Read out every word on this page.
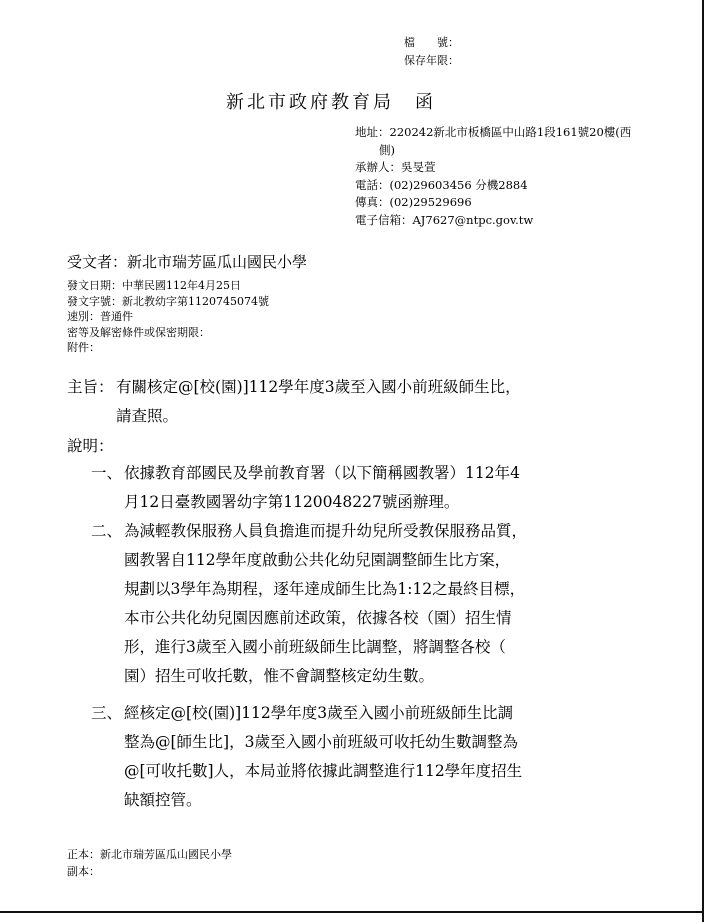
檔　　號：
保存年限：
新北市政府教育局　函
地址：220242新北市板橋區中山路1段161號20樓(西
側)
承辦人：吳旻萱
電話：(02)29603456 分機2884
傳真：(02)29529696
電子信箱：AJ7627@ntpc.gov.tw
受文者：新北市瑞芳區瓜山國民小學
發文日期：中華民國112年4月25日
發文字號：新北教幼字第1120745074號
速別：普通件
密等及解密條件或保密期限：
附件：
主旨： 有關核定@[校(園)]112學年度3歲至入國小前班級師生比，
請查照。
說明：
一、 依據教育部國民及學前教育署（以下簡稱國教署）112年4
月12日臺教國署幼字第1120048227號函辦理。
二、 為減輕教保服務人員負擔進而提升幼兒所受教保服務品質，
國教署自112學年度啟動公共化幼兒園調整師生比方案，
規劃以3學年為期程，逐年達成師生比為1:12之最終目標，
本市公共化幼兒園因應前述政策，依據各校（園）招生情
形，進行3歲至入國小前班級師生比調整，將調整各校（
園）招生可收托數，惟不會調整核定幼生數。
三、 經核定@[校(園)]112學年度3歲至入國小前班級師生比調
整為@[師生比]，3歲至入國小前班級可收托幼生數調整為
@[可收托數]人，本局並將依據此調整進行112學年度招生
缺額控管。
正本：新北市瑞芳區瓜山國民小學
副本：
